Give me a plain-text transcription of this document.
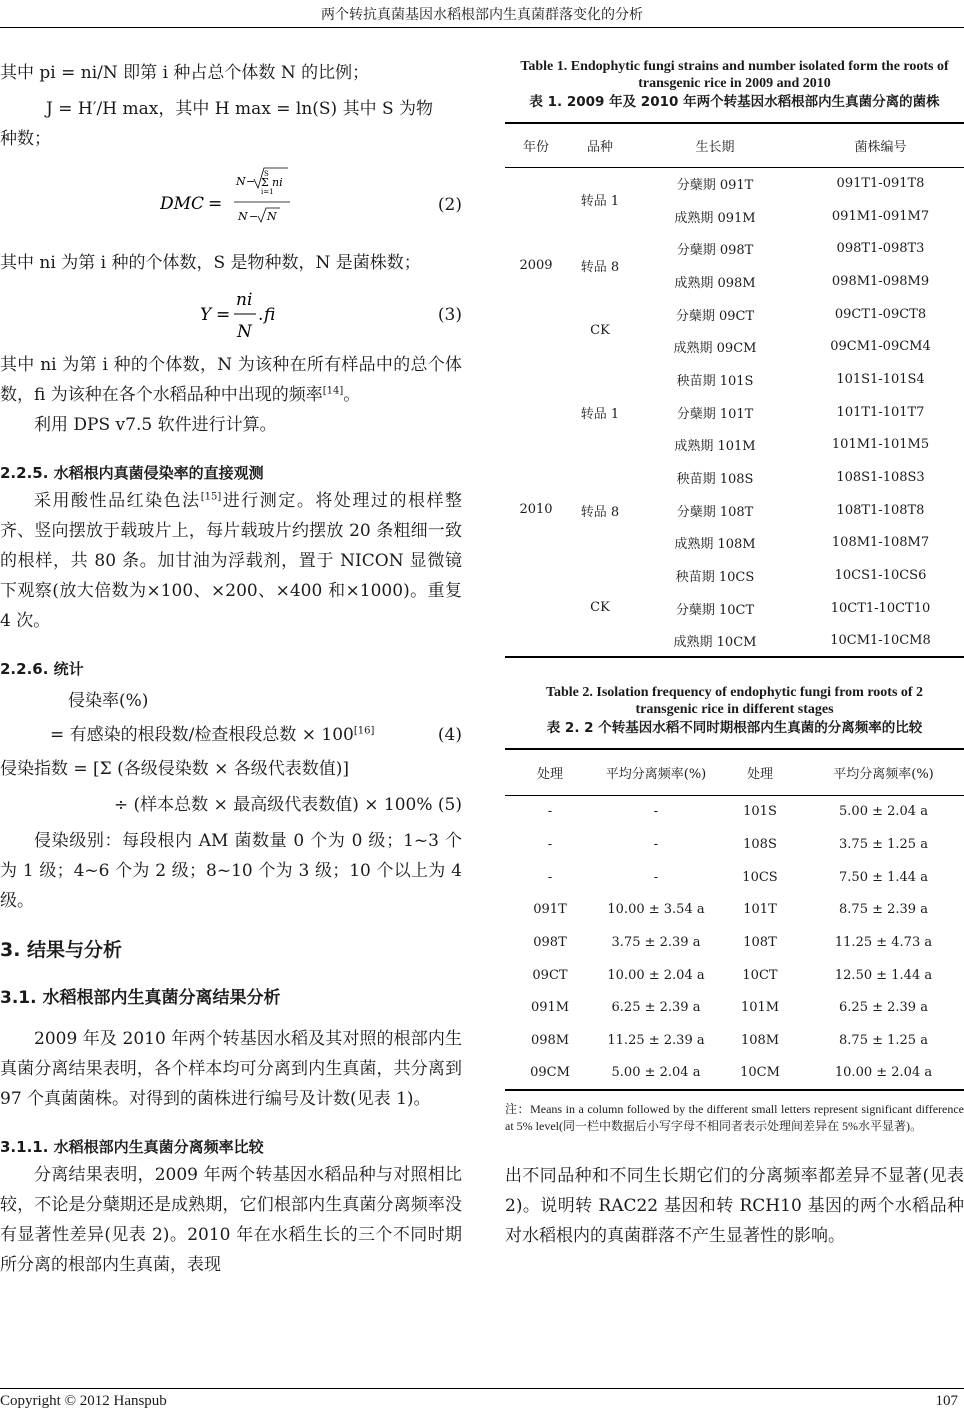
两个转抗真菌基因水稻根部内生真菌群落变化的分析
其中 pi = ni/N 即第 i 种占总个体数 N 的比例；
J = H′/H max，其中 H max = ln(S) 其中 S 为物
种数；
DMC =
N −
S
Σ ni
i=1
N − N
(2)
其中 ni 为第 i 种的个体数，S 是物种数，N 是菌株数；
Y =
ni
N
. fi	(3)
其中 ni 为第 i 种的个体数，N 为该种在所有样品中的总个体数，fi 为该种在各个水稻品种中出现的频率[14]。
利用 DPS v7.5 软件进行计算。
2.2.5. 水稻根内真菌侵染率的直接观测
采用酸性品红染色法[15]进行测定。将处理过的根样整齐、竖向摆放于载玻片上，每片载玻片约摆放 20 条粗细一致的根样，共 80 条。加甘油为浮载剂，置于 NICON 显微镜下观察(放大倍数为×100、×200、×400 和×1000)。重复 4 次。
2.2.6. 统计
侵染率(%)
= 有感染的根段数/检查根段总数 × 100[16]	(4)
侵染指数 = [Σ (各级侵染数 × 各级代表数值)]
÷ (样本总数 × 最高级代表数值) × 100% (5)
侵染级别：每段根内 AM 菌数量 0 个为 0 级；1~3 个为 1 级；4~6 个为 2 级；8~10 个为 3 级；10 个以上为 4 级。
3. 结果与分析
3.1. 水稻根部内生真菌分离结果分析
2009 年及 2010 年两个转基因水稻及其对照的根部内生真菌分离结果表明，各个样本均可分离到内生真菌，共分离到 97 个真菌菌株。对得到的菌株进行编号及计数(见表 1)。
3.1.1. 水稻根部内生真菌分离频率比较
分离结果表明，2009 年两个转基因水稻品种与对照相比较，不论是分蘖期还是成熟期，它们根部内生真菌分离频率没有显著性差异(见表 2)。2010 年在水稻生长的三个不同时期所分离的根部内生真菌，表现
Table 1. Endophytic fungi strains and number isolated form the roots of transgenic rice in 2009 and 2010
表 1. 2009 年及 2010 年两个转基因水稻根部内生真菌分离的菌株
年份	品种	生长期	菌株编号
2009	转品 1	分蘖期 091T	091T1-091T8
		成熟期 091M	091M1-091M7
	转品 8	分蘖期 098T	098T1-098T3
		成熟期 098M	098M1-098M9
	CK	分蘖期 09CT	09CT1-09CT8
		成熟期 09CM	09CM1-09CM4
2010	转品 1	秧苗期 101S	101S1-101S4
		分蘖期 101T	101T1-101T7
		成熟期 101M	101M1-101M5
	转品 8	秧苗期 108S	108S1-108S3
		分蘖期 108T	108T1-108T8
		成熟期 108M	108M1-108M7
	CK	秧苗期 10CS	10CS1-10CS6
		分蘖期 10CT	10CT1-10CT10
		成熟期 10CM	10CM1-10CM8
Table 2. Isolation frequency of endophytic fungi from roots of 2 transgenic rice in different stages
表 2. 2 个转基因水稻不同时期根部内生真菌的分离频率的比较
处理	平均分离频率(%)	处理	平均分离频率(%)
-	-	101S	5.00 ± 2.04 a
-	-	108S	3.75 ± 1.25 a
-	-	10CS	7.50 ± 1.44 a
091T	10.00 ± 3.54 a	101T	8.75 ± 2.39 a
098T	3.75 ± 2.39 a	108T	11.25 ± 4.73 a
09CT	10.00 ± 2.04 a	10CT	12.50 ± 1.44 a
091M	6.25 ± 2.39 a	101M	6.25 ± 2.39 a
098M	11.25 ± 2.39 a	108M	8.75 ± 1.25 a
09CM	5.00 ± 2.04 a	10CM	10.00 ± 2.04 a
注：Means in a column followed by the different small letters represent significant difference at 5% level(同一栏中数据后小写字母不相同者表示处理间差异在 5%水平显著)。
出不同品种和不同生长期它们的分离频率都差异不显著(见表 2)。说明转 RAC22 基因和转 RCH10 基因的两个水稻品种对水稻根内的真菌群落不产生显著性的影响。
Copyright © 2012 Hanspub	107
